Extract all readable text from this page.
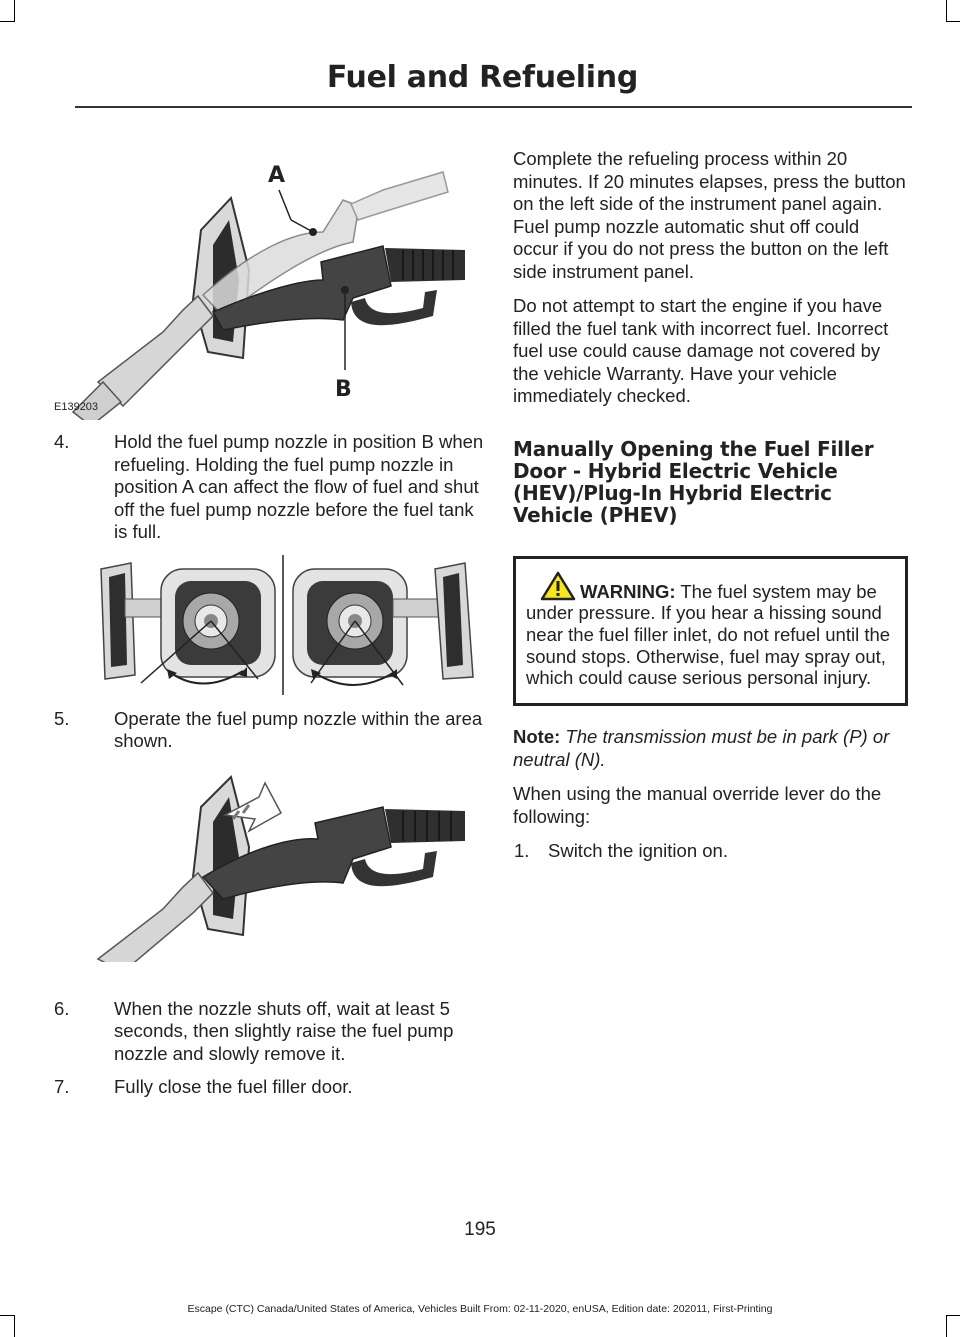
Fuel and Refueling
A
B
E139203
4.	Hold the fuel pump nozzle in position B when refueling. Holding the fuel pump nozzle in position A can affect the flow of fuel and shut off the fuel pump nozzle before the fuel tank is full.
5.	Operate the fuel pump nozzle within the area shown.
6.	When the nozzle shuts off, wait at least 5 seconds, then slightly raise the fuel pump nozzle and slowly remove it.
7.	Fully close the fuel filler door.

Complete the refueling process within 20 minutes. If 20 minutes elapses, press the button on the left side of the instrument panel again. Fuel pump nozzle automatic shut off could occur if you do not press the button on the left side instrument panel.

Do not attempt to start the engine if you have filled the fuel tank with incorrect fuel. Incorrect fuel use could cause damage not covered by the vehicle Warranty. Have your vehicle immediately checked.

Manually Opening the Fuel Filler Door - Hybrid Electric Vehicle (HEV)/Plug-In Hybrid Electric Vehicle (PHEV)
WARNING: The fuel system may be under pressure. If you hear a hissing sound near the fuel filler inlet, do not refuel until the sound stops. Otherwise, fuel may spray out, which could cause serious personal injury.

Note: The transmission must be in park (P) or neutral (N).

When using the manual override lever do the following:

1.	Switch the ignition on.
195
Escape (CTC) Canada/United States of America, Vehicles Built From: 02-11-2020, enUSA, Edition date: 202011, First-Printing
